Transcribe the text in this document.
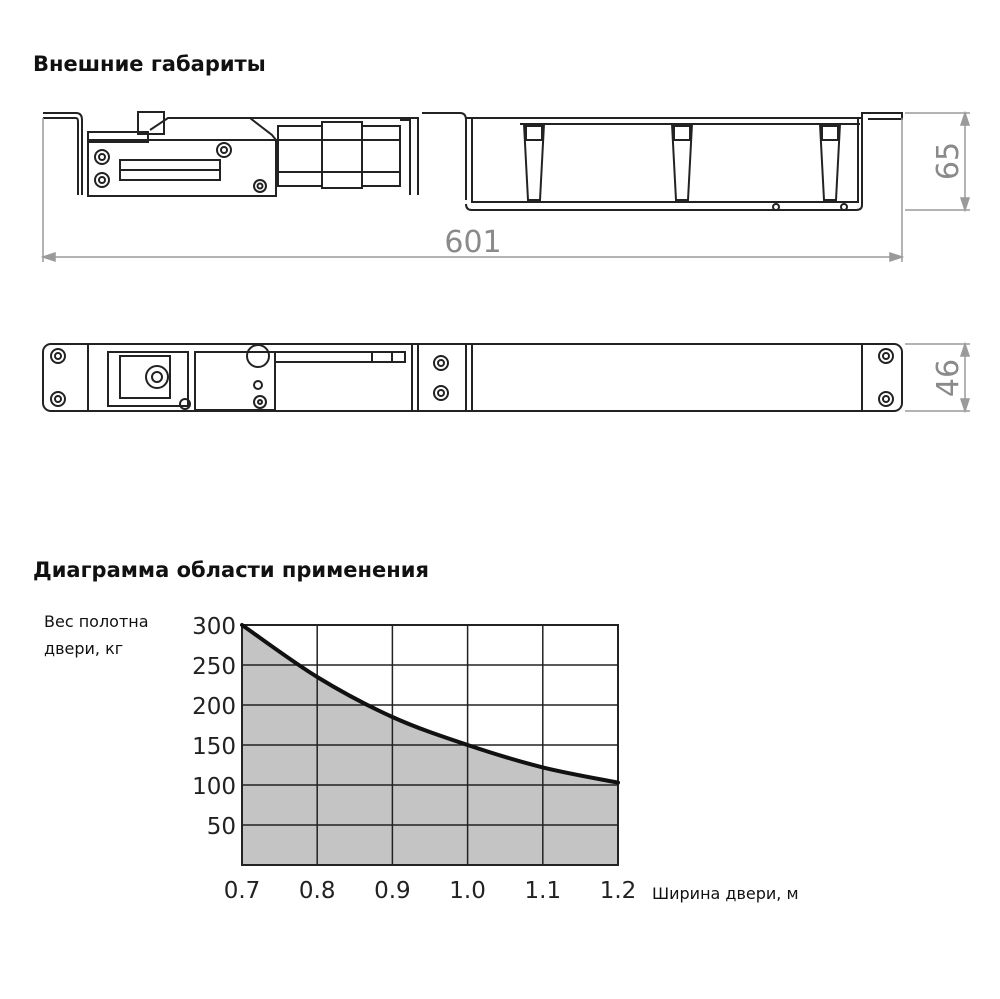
Внешние габариты
601
65
46
Диаграмма области применения
Вес полотна двери, кг
Ширина двери, м
50
100
150
200
250
300
0.7 0.8 0.9 1.0 1.1 1.2
